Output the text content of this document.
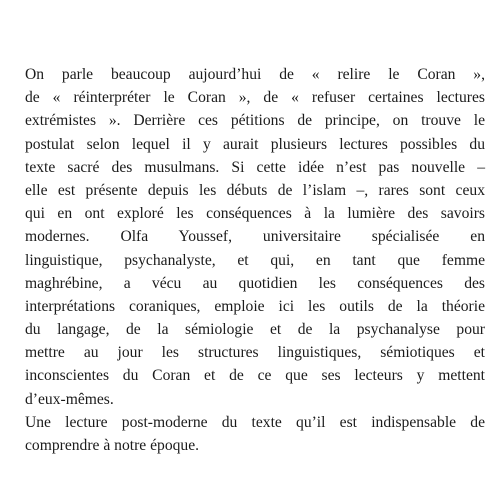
On parle beaucoup aujourd’hui de « relire le Coran »,
de « réinterpréter le Coran », de « refuser certaines lectures
extrémistes ». Derrière ces pétitions de principe, on trouve le
postulat selon lequel il y aurait plusieurs lectures possibles du
texte sacré des musulmans. Si cette idée n’est pas nouvelle –
elle est présente depuis les débuts de l’islam –, rares sont ceux
qui en ont exploré les conséquences à la lumière des savoirs
modernes. Olfa Youssef, universitaire spécialisée en
linguistique, psychanalyste, et qui, en tant que femme
maghrébine, a vécu au quotidien les conséquences des
interprétations coraniques, emploie ici les outils de la théorie
du langage, de la sémiologie et de la psychanalyse pour
mettre au jour les structures linguistiques, sémiotiques et
inconscientes du Coran et de ce que ses lecteurs y mettent
d’eux-mêmes.
Une lecture post-moderne du texte qu’il est indispensable de
comprendre à notre époque.
